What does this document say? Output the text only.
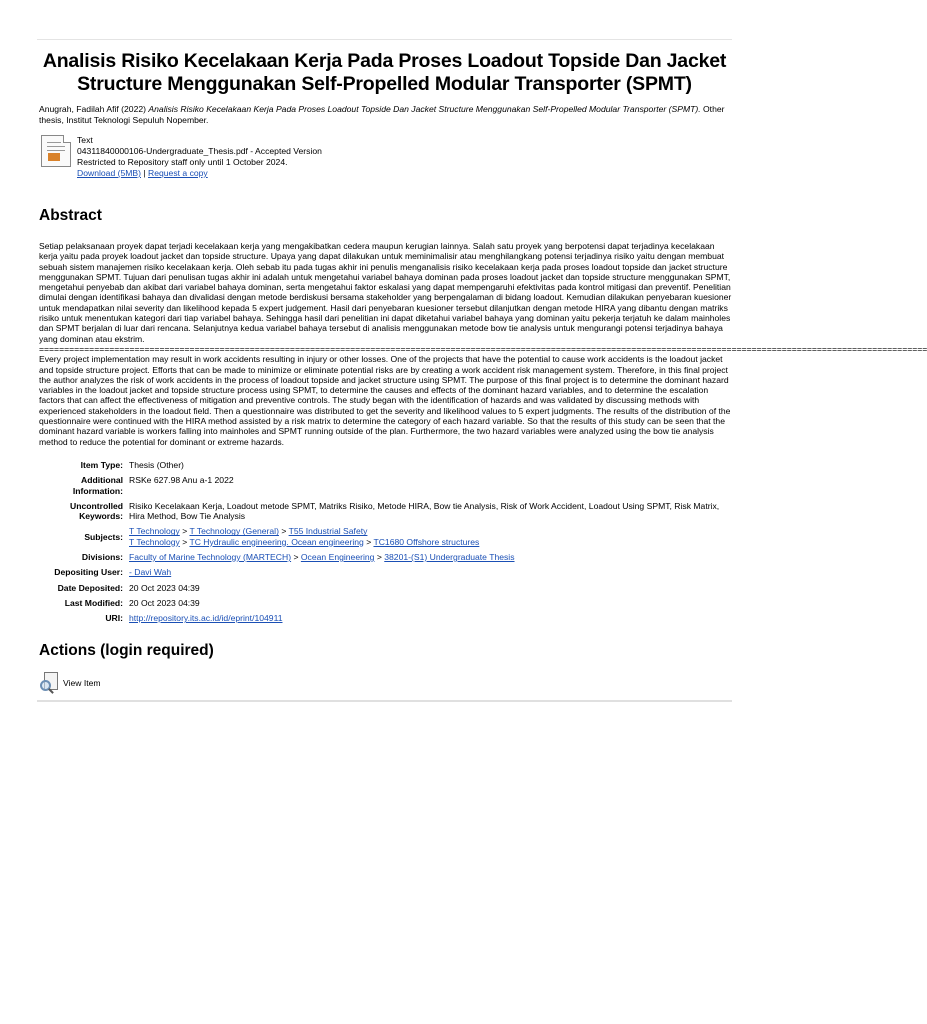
Analisis Risiko Kecelakaan Kerja Pada Proses Loadout Topside Dan Jacket Structure Menggunakan Self-Propelled Modular Transporter (SPMT)
Anugrah, Fadilah Afif (2022) Analisis Risiko Kecelakaan Kerja Pada Proses Loadout Topside Dan Jacket Structure Menggunakan Self-Propelled Modular Transporter (SPMT). Other thesis, Institut Teknologi Sepuluh Nopember.
Text
04311840000106-Undergraduate_Thesis.pdf - Accepted Version
Restricted to Repository staff only until 1 October 2024.
Download (5MB) | Request a copy
Abstract

Setiap pelaksanaan proyek dapat terjadi kecelakaan kerja yang mengakibatkan cedera maupun kerugian lainnya. Salah satu proyek yang berpotensi dapat terjadinya kecelakaan kerja yaitu pada proyek loadout jacket dan topside structure. Upaya yang dapat dilakukan untuk meminimalisir atau menghilangkang potensi terjadinya risiko yaitu dengan membuat sebuah sistem manajemen risiko kecelakaan kerja. Oleh sebab itu pada tugas akhir ini penulis menganalisis risiko kecelakaan kerja pada proses loadout topside dan jacket structure menggunakan SPMT. Tujuan dari penulisan tugas akhir ini adalah untuk mengetahui variabel bahaya dominan pada proses loadout jacket dan topside structure menggunakan SPMT, mengetahui penyebab dan akibat dari variabel bahaya dominan, serta mengetahui faktor eskalasi yang dapat mempengaruhi efektivitas pada kontrol mitigasi dan preventif. Penelitian dimulai dengan identifikasi bahaya dan divalidasi dengan metode berdiskusi bersama stakeholder yang berpengalaman di bidang loadout. Kemudian dilakukan penyebaran kuesioner untuk mendapatkan nilai severity dan likelihood kepada 5 expert judgement. Hasil dari penyebaran kuesioner tersebut dilanjutkan dengan metode HIRA yang dibantu dengan matriks risiko untuk menentukan kategori dari tiap variabel bahaya. Sehingga hasil dari penelitian ini dapat diketahui variabel bahaya yang dominan yaitu pekerja terjatuh ke dalam mainholes dan SPMT berjalan di luar dari rencana. Selanjutnya kedua variabel bahaya tersebut di analisis menggunakan metode bow tie analysis untuk mengurangi potensi terjadinya bahaya yang dominan atau ekstrim.

=================================================================================================================================================================================

Every project implementation may result in work accidents resulting in injury or other losses. One of the projects that have the potential to cause work accidents is the loadout jacket and topside structure project. Efforts that can be made to minimize or eliminate potential risks are by creating a work accident risk management system. Therefore, in this final project the author analyzes the risk of work accidents in the process of loadout topside and jacket structure using SPMT. The purpose of this final project is to determine the dominant hazard variables in the loadout jacket and topside structure process using SPMT, to determine the causes and effects of the dominant hazard variables, and to determine the escalation factors that can affect the effectiveness of mitigation and preventive controls. The study began with the identification of hazards and was validated by discussing methods with experienced stakeholders in the loadout field. Then a questionnaire was distributed to get the severity and likelihood values to 5 expert judgments. The results of the distribution of the questionnaire were continued with the HIRA method assisted by a risk matrix to determine the category of each hazard variable. So that the results of this study can be seen that the dominant hazard variable is workers falling into mainholes and SPMT running outside of the plan. Furthermore, the two hazard variables were analyzed using the bow tie analysis method to reduce the potential for dominant or extreme hazards.

Item Type:	Thesis (Other)
Additional Information:	RSKe 627.98 Anu a-1 2022
Uncontrolled Keywords:	Risiko Kecelakaan Kerja, Loadout metode SPMT, Matriks Risiko, Metode HIRA, Bow tie Analysis, Risk of Work Accident, Loadout Using SPMT, Risk Matrix, Hira Method, Bow Tie Analysis
Subjects:	T Technology > T Technology (General) > T55 Industrial Safety
T Technology > TC Hydraulic engineering. Ocean engineering > TC1680 Offshore structures

Divisions:	Faculty of Marine Technology (MARTECH) > Ocean Engineering > 38201-(S1) Undergraduate Thesis
Depositing User:	- Davi Wah
Date Deposited:	20 Oct 2023 04:39
Last Modified:	20 Oct 2023 04:39
URI:	http://repository.its.ac.id/id/eprint/104911
Actions (login required)
View Item
